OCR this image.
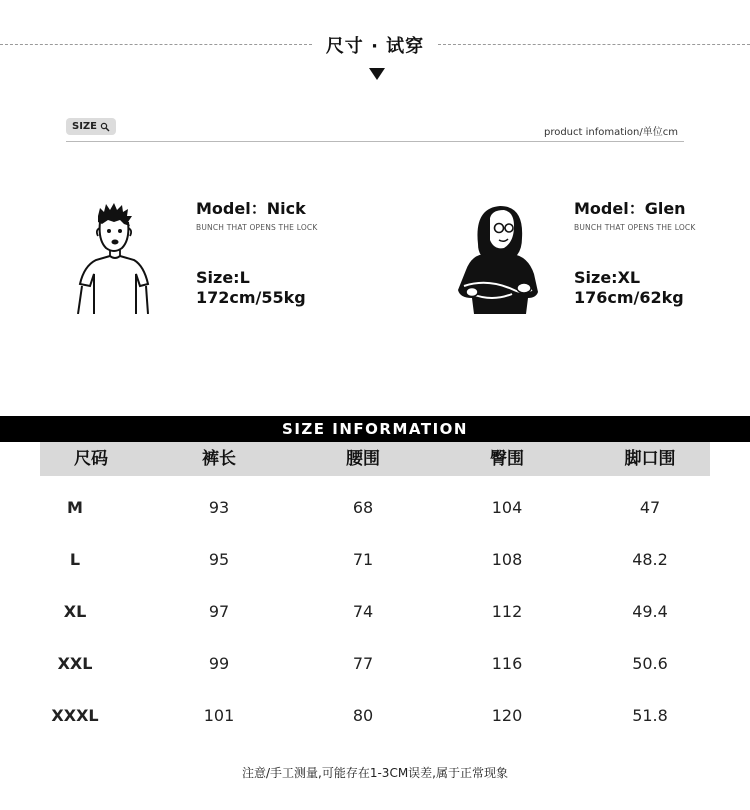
尺寸 · 试穿
SIZE
product infomation/单位cm
Model：Nick
BUNCH THAT OPENS THE LOCK
Size:L
172cm/55kg
Model：Glen
BUNCH THAT OPENS THE LOCK
Size:XL
176cm/62kg
SIZE INFORMATION
尺码	裤长	腰围	臀围	脚口围
M	93	68	104	47
L	95	71	108	48.2
XL	97	74	112	49.4
XXL	99	77	116	50.6
XXXL	101	80	120	51.8
注意/手工测量,可能存在1-3CM误差,属于正常现象
